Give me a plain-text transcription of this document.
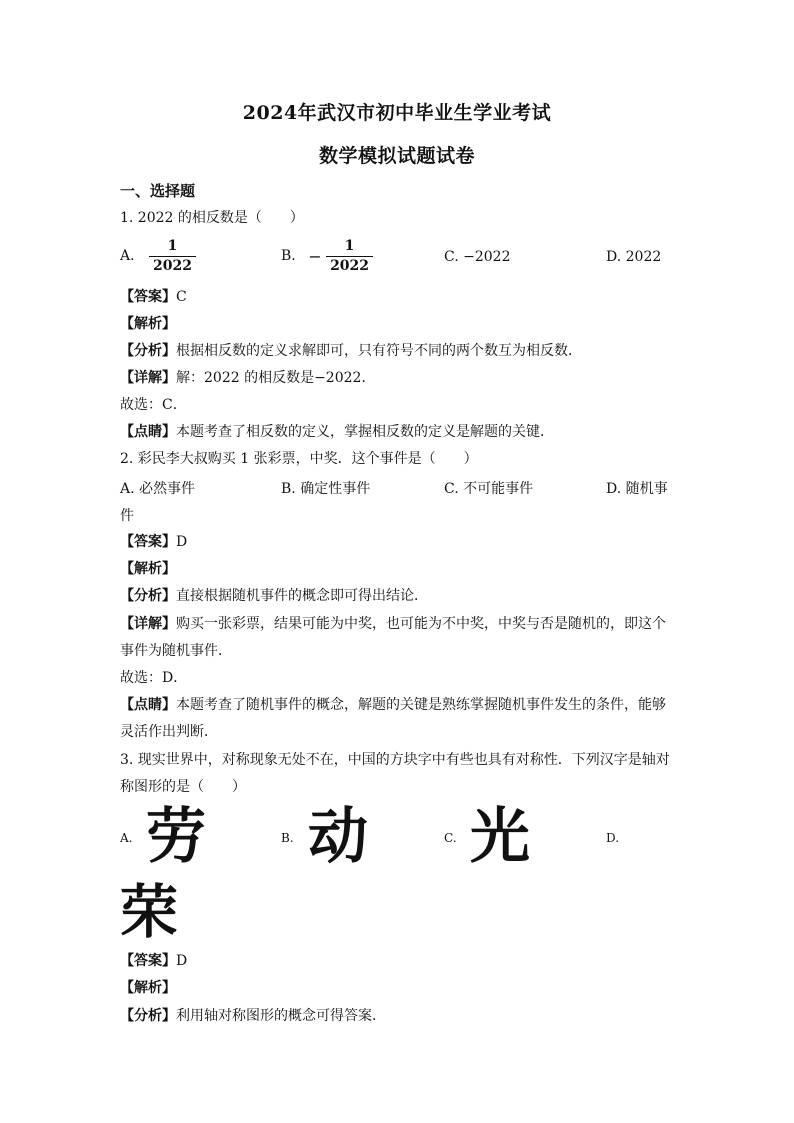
2024年武汉市初中毕业生学业考试
数学模拟试题试卷
一、选择题
1. 2022 的相反数是（　　）
A. $\frac{1}{2022}$	B. − $\frac{1}{2022}$	C. −2022	D. 2022
【答案】C
【解析】
【分析】根据相反数的定义求解即可，只有符号不同的两个数互为相反数．
【详解】解：2022 的相反数是−2022．
故选：C．
【点睛】本题考查了相反数的定义，掌握相反数的定义是解题的关键．
2. 彩民李大叔购买 1 张彩票，中奖．这个事件是（　　）
A. 必然事件	B. 确定性事件	C. 不可能事件	D. 随机事
件
【答案】D
【解析】
【分析】直接根据随机事件的概念即可得出结论．
【详解】购买一张彩票，结果可能为中奖，也可能为不中奖，中奖与否是随机的，即这个
事件为随机事件．
故选：D．
【点睛】本题考查了随机事件的概念，解题的关键是熟练掌握随机事件发生的条件，能够
灵活作出判断．
3. 现实世界中，对称现象无处不在，中国的方块字中有些也具有对称性．下列汉字是轴对
称图形的是（　　）
A. 劳	B. 动	C. 光	D.
荣
【答案】D
【解析】
【分析】利用轴对称图形的概念可得答案．
